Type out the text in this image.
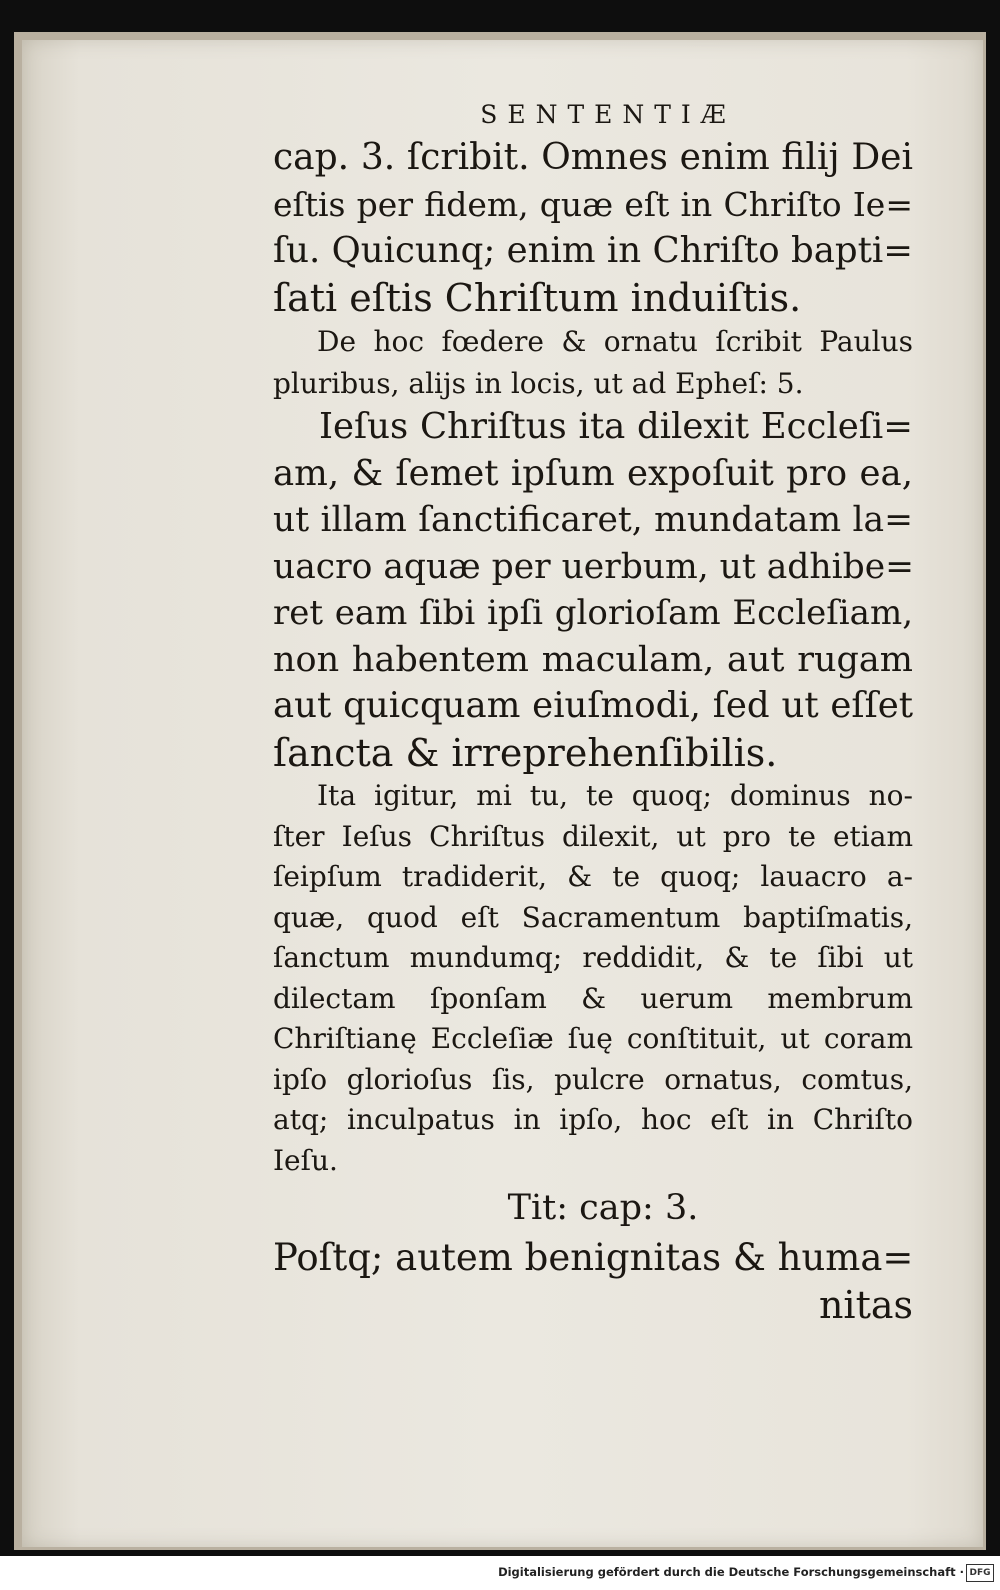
SENTENTIÆ
cap. 3. ſcribit. Omnes enim filij Dei
eſtis per fidem, quæ eſt in Chriſto Ie=
ſu. Quicunq; enim in Chriſto bapti=
ſati eſtis Chriſtum induiſtis.
De hoc fœdere & ornatu ſcribit Paulus
pluribus, alijs in locis, ut ad Epheſ: 5.
Ieſus Chriſtus ita dilexit Eccleſi=
am, & ſemet ipſum expoſuit pro ea,
ut illam ſanctificaret, mundatam la=
uacro aquæ per uerbum, ut adhibe=
ret eam ſibi ipſi glorioſam Eccleſiam,
non habentem maculam, aut rugam
aut quicquam eiuſmodi, ſed ut eſſet
ſancta & irreprehenſibilis.
Ita igitur, mi tu, te quoq; dominus no-
ſter Ieſus Chriſtus dilexit, ut pro te etiam
ſeipſum tradiderit, & te quoq; lauacro a-
quæ, quod eſt Sacramentum baptiſmatis,
ſanctum mundumq; reddidit, & te ſibi ut
dilectam ſponſam & uerum membrum
Chriſtianę Eccleſiæ ſuę conſtituit, ut coram
ipſo glorioſus ſis, pulcre ornatus, comtus,
atq; inculpatus in ipſo, hoc eſt in Chriſto
Ieſu.
Tit: cap: 3.
Poſtq; autem benignitas & huma=
nitas
Digitalisierung gefördert durch die Deutsche Forschungsgemeinschaft · DFG
